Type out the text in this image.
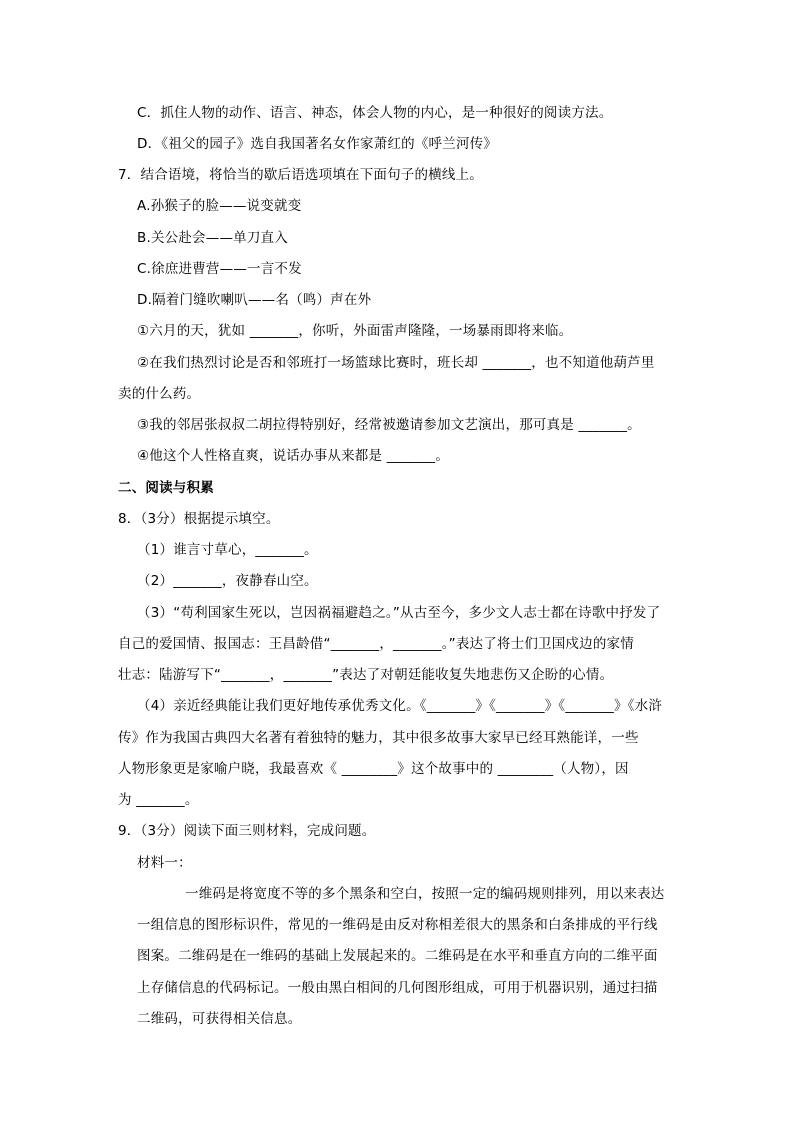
C．抓住人物的动作、语言、神态，体会人物的内心，是一种很好的阅读方法。
D．《祖父的园子》选自我国著名女作家萧红的《呼兰河传》
7．结合语境，将恰当的歇后语选项填在下面句子的横线上。
A.孙猴子的脸——说变就变
B.关公赴会——单刀直入
C.徐庶进曹营——一言不发
D.隔着门缝吹喇叭——名（鸣）声在外
①六月的天，犹如 _______，你听，外面雷声隆隆，一场暴雨即将来临。
②在我们热烈讨论是否和邻班打一场篮球比赛时，班长却 _______，也不知道他葫芦里
卖的什么药。
③我的邻居张叔叔二胡拉得特别好，经常被邀请参加文艺演出，那可真是 _______。
④他这个人性格直爽，说话办事从来都是 _______。
二、阅读与积累
8．（3分）根据提示填空。
（1）谁言寸草心，_______。
（2）_______，夜静春山空。
（3）“苟利国家生死以，岂因祸福避趋之。”从古至今，多少文人志士都在诗歌中抒发了
自己的爱国情、报国志：王昌龄借“_______，_______。”表达了将士们卫国戍边的家情
壮志：陆游写下“_______，_______”表达了对朝廷能收复失地悲伤又企盼的心情。
（4）亲近经典能让我们更好地传承优秀文化。《_______》《_______》《_______》《水浒
传》作为我国古典四大名著有着独特的魅力，其中很多故事大家早已经耳熟能详，一些
人物形象更是家喻户晓，我最喜欢《 ________》这个故事中的 ________（人物），因
为 _______。
9．（3分）阅读下面三则材料，完成问题。
材料一：
一维码是将宽度不等的多个黑条和空白，按照一定的编码规则排列，用以来表达
一组信息的图形标识件，常见的一维码是由反对称相差很大的黑条和白条排成的平行线
图案。二维码是在一维码的基础上发展起来的。二维码是在水平和垂直方向的二维平面
上存储信息的代码标记。一般由黑白相间的几何图形组成，可用于机器识别，通过扫描
二维码，可获得相关信息。
